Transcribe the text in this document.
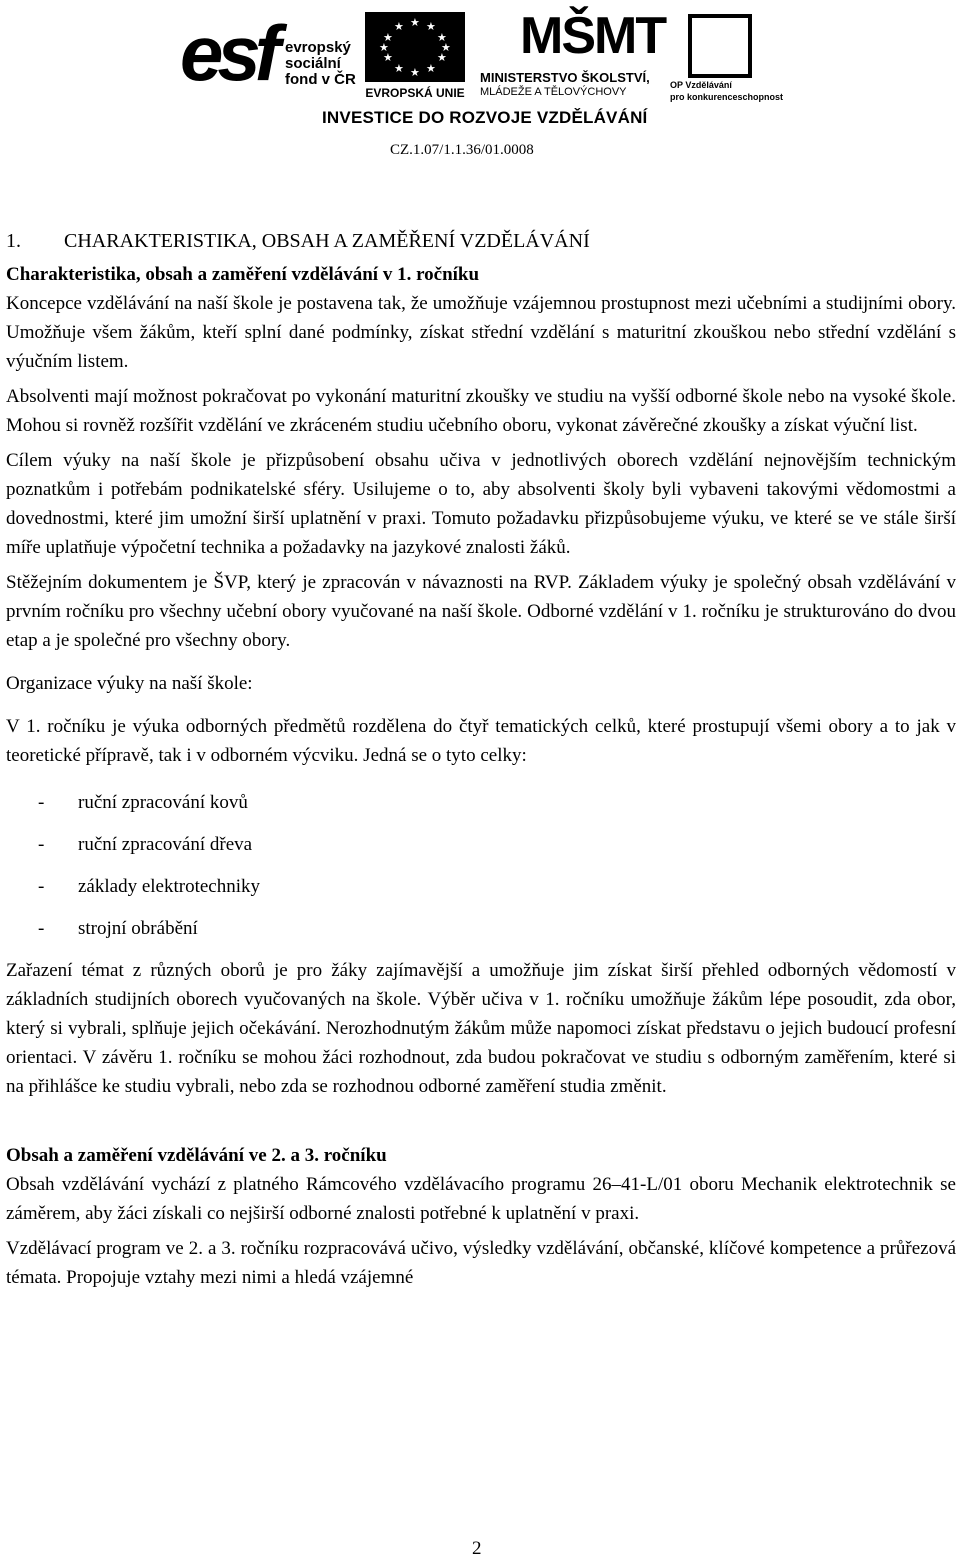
esf evropský
sociální
fond v ČR
★ ★
★
★
★
★
★
★
★
★
★
★
EVROPSKÁ UNIE
MŠMT
MINISTERSTVO ŠKOLSTVÍ,
MLÁDEŽE A TĚLOVÝCHOVY
OP Vzdělávání
pro konkurenceschopnost
INVESTICE DO ROZVOJE VZDĚLÁVÁNÍ
CZ.1.07/1.1.36/01.0008
1.	CHARAKTERISTIKA, OBSAH A ZAMĚŘENÍ VZDĚLÁVÁNÍ

Charakteristika, obsah a zaměření vzdělávání v 1. ročníku

Koncepce vzdělávání na naší škole je postavena tak, že umožňuje vzájemnou prostupnost mezi učebními a studijními obory. Umožňuje všem žákům, kteří splní dané podmínky, získat střední vzdělání s maturitní zkouškou nebo střední vzdělání s výučním listem.

Absolventi mají možnost pokračovat po vykonání maturitní zkoušky ve studiu na vyšší odborné škole nebo na vysoké škole. Mohou si rovněž rozšířit vzdělání ve zkráceném studiu učebního oboru, vykonat závěrečné zkoušky a získat výuční list.

Cílem výuky na naší škole je přizpůsobení obsahu učiva v jednotlivých oborech vzdělání nejnovějším technickým poznatkům i potřebám podnikatelské sféry. Usilujeme o to, aby absolventi školy byli vybaveni takovými vědomostmi a dovednostmi, které jim umožní širší uplatnění v praxi. Tomuto požadavku přizpůsobujeme výuku, ve které se ve stále širší míře uplatňuje výpočetní technika a požadavky na jazykové znalosti žáků.

Stěžejním dokumentem je ŠVP, který je zpracován v návaznosti na RVP. Základem výuky je společný obsah vzdělávání v prvním ročníku pro všechny učební obory vyučované na naší škole. Odborné vzdělání v 1. ročníku je strukturováno do dvou etap a je společné pro všechny obory.

Organizace výuky na naší škole:

V 1. ročníku je výuka odborných předmětů rozdělena do čtyř tematických celků, které prostupují všemi obory a to jak v teoretické přípravě, tak i v odborném výcviku. Jedná se o tyto celky:

-	ruční zpracování kovů
-	ruční zpracování dřeva
-	základy elektrotechniky
-	strojní obrábění

Zařazení témat z různých oborů je pro žáky zajímavější a umožňuje jim získat širší přehled odborných vědomostí v základních studijních oborech vyučovaných na škole. Výběr učiva v 1. ročníku umožňuje žákům lépe posoudit, zda obor, který si vybrali, splňuje jejich očekávání. Nerozhodnutým žákům může napomoci získat představu o jejich budoucí profesní orientaci. V závěru 1. ročníku se mohou žáci rozhodnout, zda budou pokračovat ve studiu s odborným zaměřením, které si na přihlášce ke studiu vybrali, nebo zda se rozhodnou odborné zaměření studia změnit.

Obsah a zaměření vzdělávání ve 2. a 3. ročníku

Obsah vzdělávání vychází z platného Rámcového vzdělávacího programu 26–41-L/01 oboru Mechanik elektrotechnik se záměrem, aby žáci získali co nejširší odborné znalosti potřebné k uplatnění v praxi.

Vzdělávací program ve 2. a 3. ročníku rozpracovává učivo, výsledky vzdělávání, občanské, klíčové kompetence a průřezová témata. Propojuje vztahy mezi nimi a hledá vzájemné

2
